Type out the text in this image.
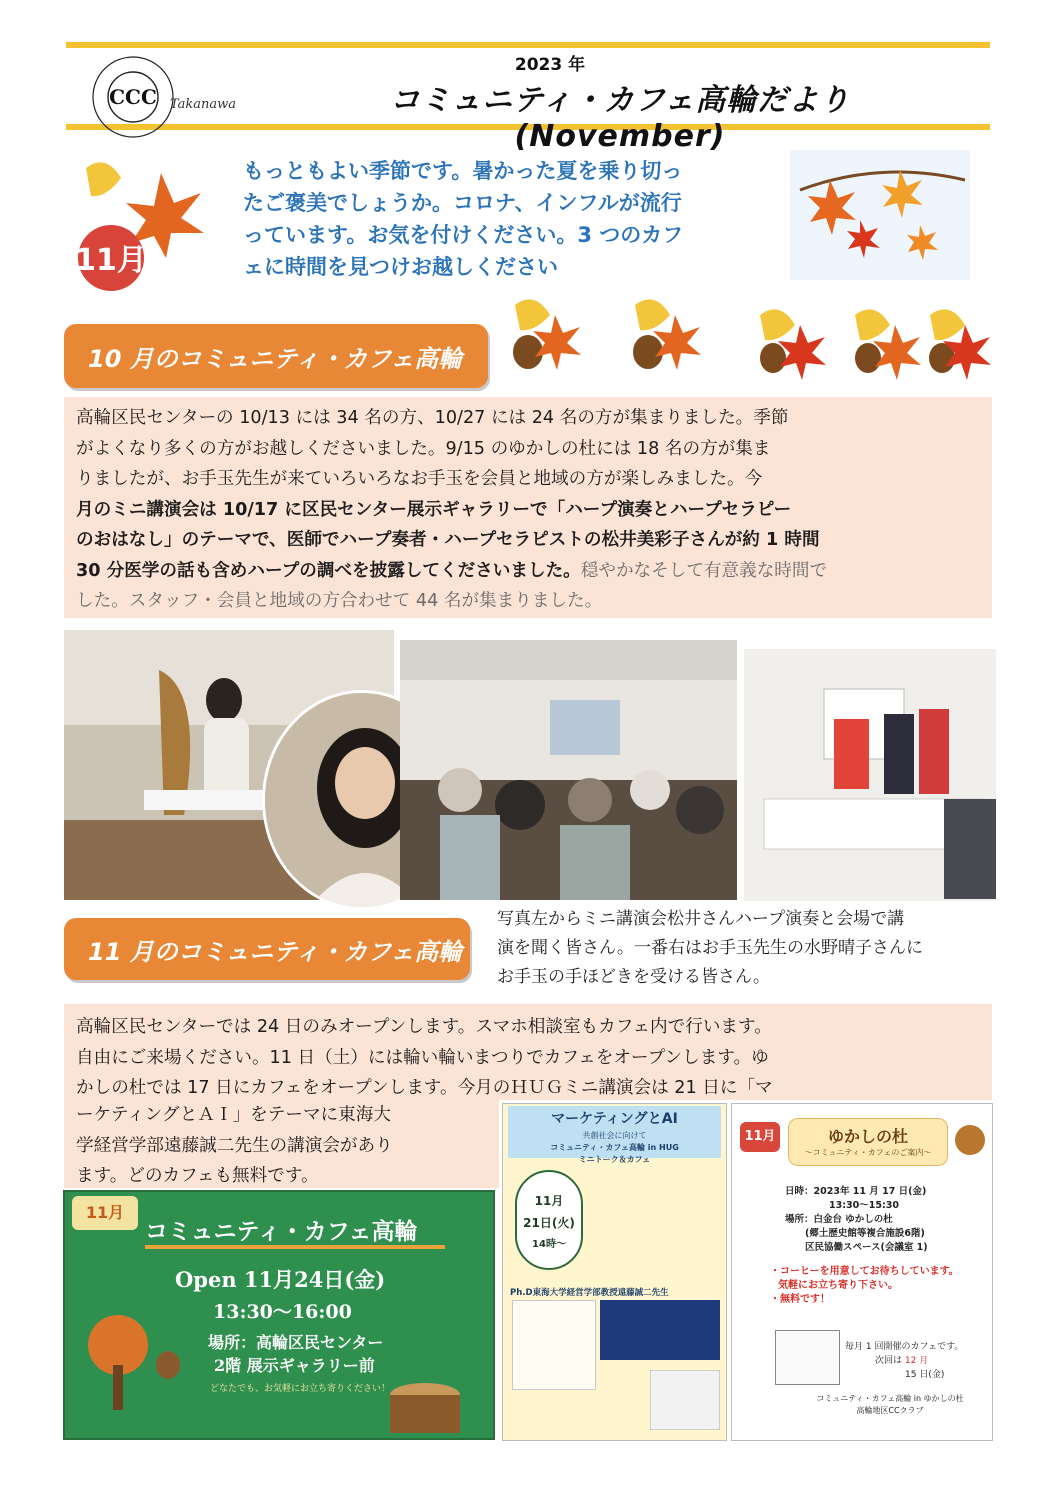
CCC Takanawa
2023 年
コミュニティ・カフェ高輪だより(November)
11月
もっともよい季節です。暑かった夏を乗り切っ
たご褒美でしょうか。コロナ、インフルが流行
っています。お気を付けください。3 つのカフ
ェに時間を見つけお越しください
10 月のコミュニティ・カフェ高輪
高輪区民センターの 10/13 には 34 名の方、10/27 には 24 名の方が集まりました。季節
がよくなり多くの方がお越しくださいました。9/15 のゆかしの杜には 18 名の方が集ま
りましたが、お手玉先生が来ていろいろなお手玉を会員と地域の方が楽しみました。今
月のミニ講演会は 10/17 に区民センター展示ギャラリーで「ハープ演奏とハープセラピー
のおはなし」のテーマで、医師でハープ奏者・ハープセラピストの松井美彩子さんが約 1 時間
30 分医学の話も含めハープの調べを披露してくださいました。穏やかなそして有意義な時間で
した。スタッフ・会員と地域の方合わせて 44 名が集まりました。
写真左からミニ講演会松井さんハープ演奏と会場で講
演を聞く皆さん。一番右はお手玉先生の水野晴子さんに
お手玉の手ほどきを受ける皆さん。
11 月のコミュニティ・カフェ高輪
高輪区民センターでは 24 日のみオープンします。スマホ相談室もカフェ内で行います。
自由にご来場ください。11 日（土）には輪い輪いまつりでカフェをオープンします。ゆ
かしの杜では 17 日にカフェをオープンします。今月のＨＵＧミニ講演会は 21 日に「マ
ーケティングとＡＩ」をテーマに東海大
学経営学部遠藤誠二先生の講演会があり
ます。どのカフェも無料です。
11月
コミュニティ・カフェ高輪
Open 11月24日(金)
13:30～16:00
場所：高輪区民センター
2階 展示ギャラリー前
どなたでも、お気軽にお立ち寄りください！
マーケティングとAI
共創社会に向けて
コミュニティ・カフェ高輪 in HUG
ミニトーク＆カフェ
11月
21日(火)
14時～
Ph.D東海大学経営学部教授遠藤誠二先生
11月	ゆかしの杜
～コミュニティ・カフェのご案内～
日時：2023年 11 月 17 日(金)
13:30～15:30
場所：白金台 ゆかしの杜
(郷土歴史館等複合施設6階)
区民協働スペース(会議室 1)
・コーヒーを用意してお待ちしています。
気軽にお立ち寄り下さい。
・無料です！
毎月 1 回開催のカフェです。
次回は 12 月
15 日(金)
コミュニティ・カフェ高輪 in ゆかしの杜
高輪地区CCクラブ
